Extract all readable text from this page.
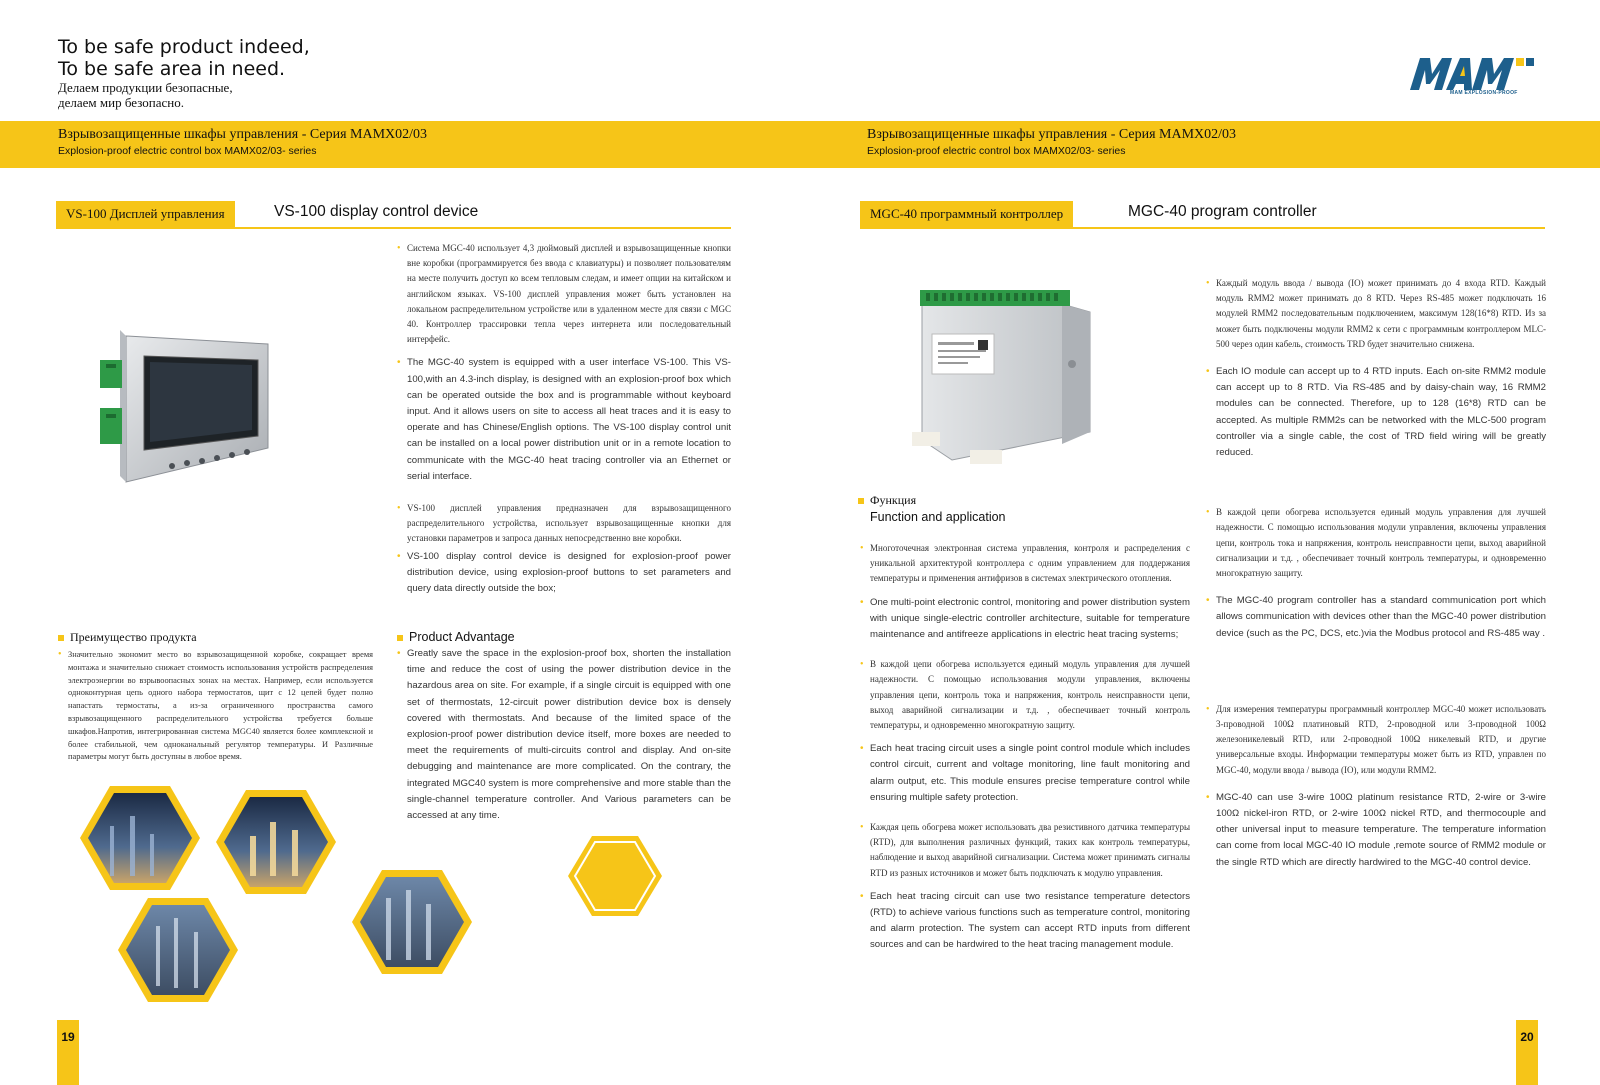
To be safe product indeed,
To be safe area in need.
Делаем продукции безопасные,
делаем мир безопасно.
MAM EXPLOSION-PROOF
Взрывозащищенные шкафы управления - Серия MAMX02/03
Explosion-proof electric control box MAMX02/03- series
Взрывозащищенные шкафы управления - Серия MAMX02/03
Explosion-proof electric control box MAMX02/03- series
VS-100 Дисплей управления	VS-100 display control device
• Система MGC-40 использует 4,3 дюймовый дисплей и взрывозащищенные кнопки вне коробки (программируется без ввода с клавиатуры) и позволяет пользователям на месте получить доступ ко всем тепловым следам, и имеет опции на китайском и английском языках. VS-100 дисплей управления может быть установлен на локальном распределительном устройстве или в удаленном месте для связи с MGC 40. Контроллер трассировки тепла через интернета или последовательный интерфейс.
• The MGC-40 system is equipped with a user interface VS-100. This VS-100,with an 4.3-inch display, is designed with an explosion-proof box which can be operated outside the box and is programmable without keyboard input. And it allows users on site to access all heat traces and it is easy to operate and has Chinese/English options. The VS-100 display control unit can be installed on a local power distribution unit or in a remote location to communicate with the MGC-40 heat tracing controller via an Ethernet or serial interface.
• VS-100 дисплей управления предназначен для взрывозащищенного распределительного устройства, использует взрывозащищенные кнопки для установки параметров и запроса данных непосредственно вне коробки.
• VS-100 display control device is designed for explosion-proof power distribution device, using explosion-proof buttons to set parameters and query data directly outside the box;
Преимущество продукта
• Значительно экономит место во взрывозащищенной коробке, сокращает время монтажа и значительно снижает стоимость использования устройств распределения электроэнергии во взрывоопасных зонах на местах. Например, если используется одноконтурная цепь одного набора термостатов, щит с 12 цепей будет полно напастать термостаты, а из-за ограниченного пространства самого взрывозащищенного распределительного устройства требуется больше шкафов.Напротив, интегрированная система MGC40 является более комплексной и более стабильной, чем одноканальный регулятор температуры. И Различные параметры могут быть доступны в любое время.
Product Advantage
• Greatly save the space in the explosion-proof box, shorten the installation time and reduce the cost of using the power distribution device in the hazardous area on site. For example, if a single circuit is equipped with one set of thermostats, 12-circuit power distribution device box is densely covered with thermostats. And because of the limited space of the explosion-proof power distribution device itself, more boxes are needed to meet the requirements of multi-circuits control and display. And on-site debugging and maintenance are more complicated. On the contrary, the integrated MGC40 system is more comprehensive and more stable than the single-channel temperature controller. And Various parameters can be accessed at any time.
19
MGC-40 программный контроллер	MGC-40 program controller
Функция
Function and application
• Многоточечная электронная система управления, контроля и распределения с уникальной архитектурой контроллера с одним управлением для поддержания температуры и применения антифризов в системах электрического отопления.
• One multi-point electronic control, monitoring and power distribution system with unique single-electric controller architecture, suitable for temperature maintenance and antifreeze applications in electric heat tracing systems;
• В каждой цепи обогрева используется единый модуль управления для лучшей надежности. С помощью использования модули управления, включены управления цепи, контроль тока и напряжения, контроль неисправности цепи, выход аварийной сигнализации и т.д. , обеспечивает точный контроль температуры, и одновременно многократную защиту.
• Each heat tracing circuit uses a single point control module which includes control circuit, current and voltage monitoring, line fault monitoring and alarm output, etc. This module ensures precise temperature control while ensuring multiple safety protection.
• Каждая цепь обогрева может использовать два резистивного датчика температуры (RTD), для выполнения различных функций, таких как контроль температуры, наблюдение и выход аварийной сигнализации. Система может принимать сигналы RTD из разных источников и может быть подключать к модулю управления.
• Each heat tracing circuit can use two resistance temperature detectors (RTD) to achieve various functions such as temperature control, monitoring and alarm protection. The system can accept RTD inputs from different sources and can be hardwired to the heat tracing management module.
• Каждый модуль ввода / вывода (IO) может принимать до 4 входа RTD. Каждый модуль RMM2 может принимать до 8 RTD. Через RS-485 может подключать 16 модулей RMM2 последовательным подключением, максимум 128(16*8) RTD. Из за может быть подключены модули RMM2 к сети с программным контроллером MLC-500 через один кабель, стоимость TRD будет значительно снижена.
• Each IO module can accept up to 4 RTD inputs. Each on-site RMM2 module can accept up to 8 RTD. Via RS-485 and by daisy-chain way, 16 RMM2 modules can be connected. Therefore, up to 128 (16*8) RTD can be accepted. As multiple RMM2s can be networked with the MLC-500 program controller via a single cable, the cost of TRD field wiring will be greatly reduced.
• В каждой цепи обогрева используется единый модуль управления для лучшей надежности. С помощью использования модули управления, включены управления цепи, контроль тока и напряжения, контроль неисправности цепи, выход аварийной сигнализации и т.д. , обеспечивает точный контроль температуры, и одновременно многократную защиту.
• The MGC-40 program controller has a standard communication port which allows communication with devices other than the MGC-40 power distribution device (such as the PC, DCS, etc.)via the Modbus protocol and RS-485 way .
• Для измерения температуры программный контроллер MGC-40 может использовать 3-проводной 100Ω платиновый RTD, 2-проводной или 3-проводной 100Ω железоникелевый RTD, или 2-проводной 100Ω никелевый RTD, и другие универсальные входы. Информации температуры может быть из RTD, управлен по MGC-40, модули ввода / вывода (IO), или модули RMM2.
• MGC-40 can use 3-wire 100Ω platinum resistance RTD, 2-wire or 3-wire 100Ω nickel-iron RTD, or 2-wire 100Ω nickel RTD, and thermocouple and other universal input to measure temperature. The temperature information can come from local MGC-40 IO module ,remote source of RMM2 module or the single RTD which are directly hardwired to the MGC-40 control device.
20
